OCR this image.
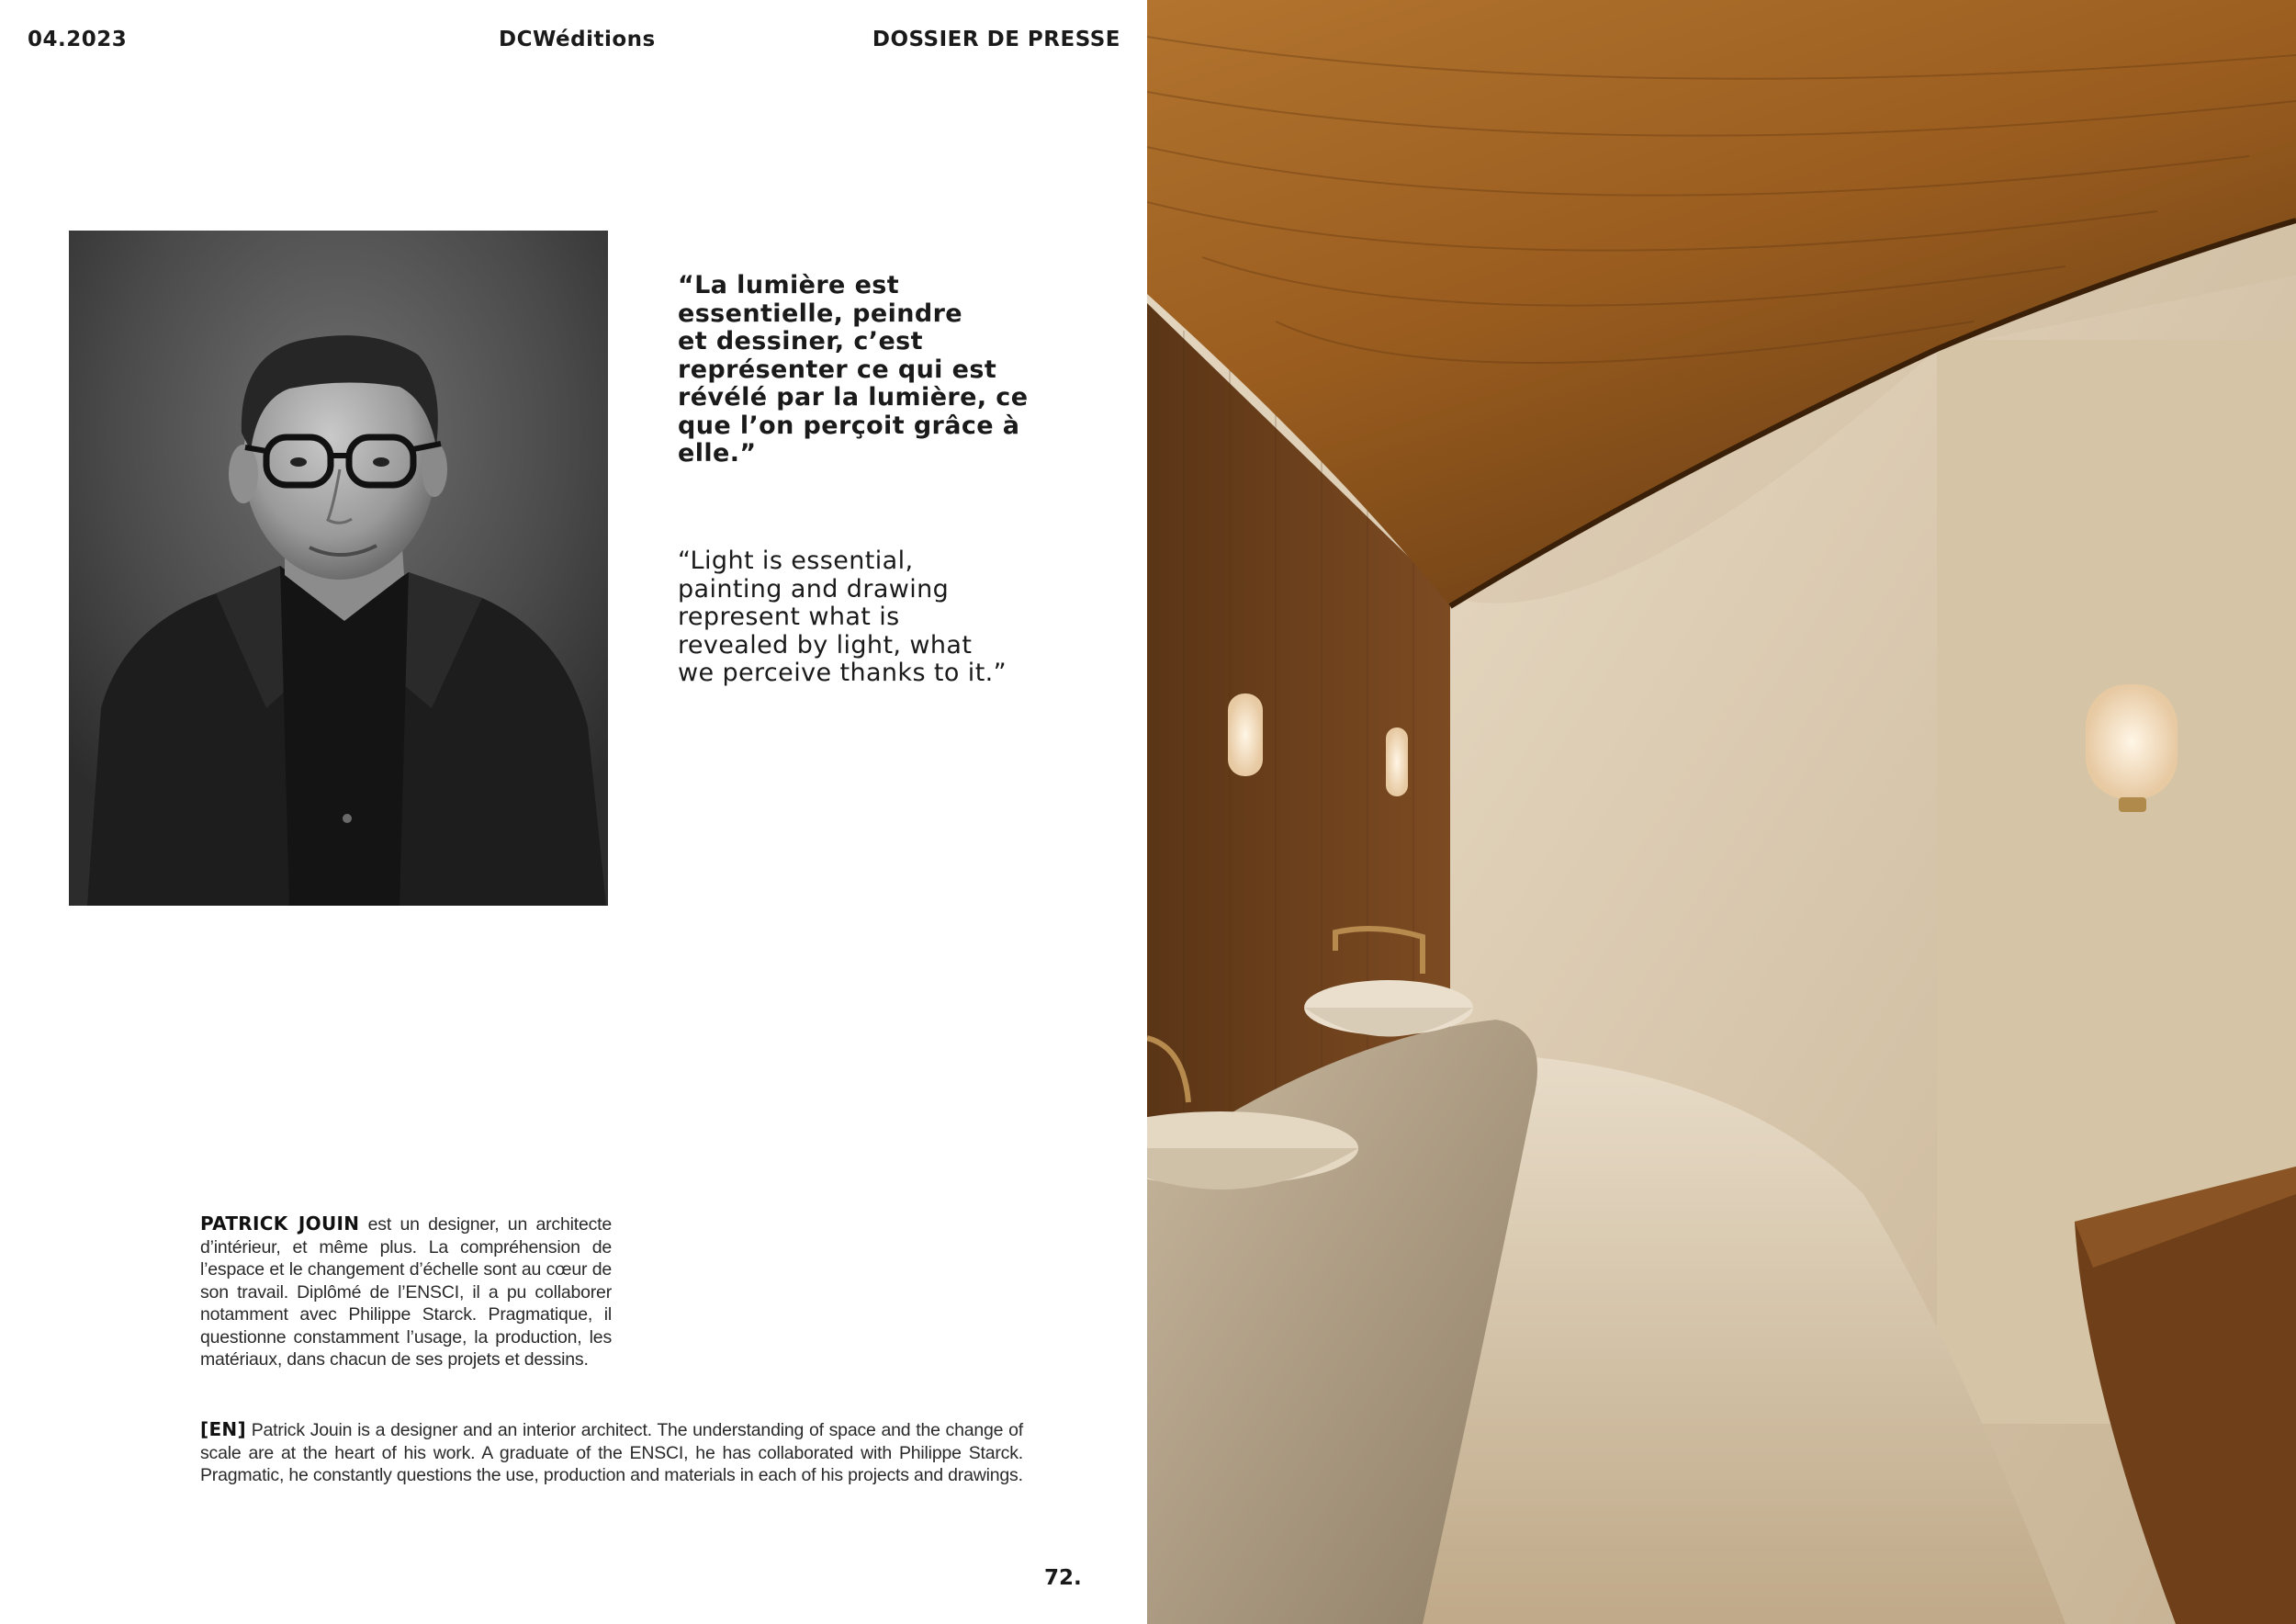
04.2023	DCWéditions	DOSSIER DE PRESSE
“La lumière est
essentielle, peindre
et dessiner, c’est
représenter ce qui est
révélé par la lumière, ce
que l’on perçoit grâce à
elle.”
“Light is essential,
painting and drawing
represent what is
revealed by light, what
we perceive thanks to it.”
PATRICK JOUIN est un designer, un architecte d’intérieur, et même plus. La compréhension de l’espace et le changement d’échelle sont au cœur de son travail. Diplômé de l’ENSCI, il a pu collaborer notamment avec Philippe Starck. Pragmatique, il questionne constamment l’usage, la production, les matériaux, dans chacun de ses projets et dessins.
[EN] Patrick Jouin is a designer and an interior architect. The understanding of space and the change of scale are at the heart of his work. A graduate of the ENSCI, he has collaborated with Philippe Starck. Pragmatic, he constantly questions the use, production and materials in each of his projects and drawings.
72.
